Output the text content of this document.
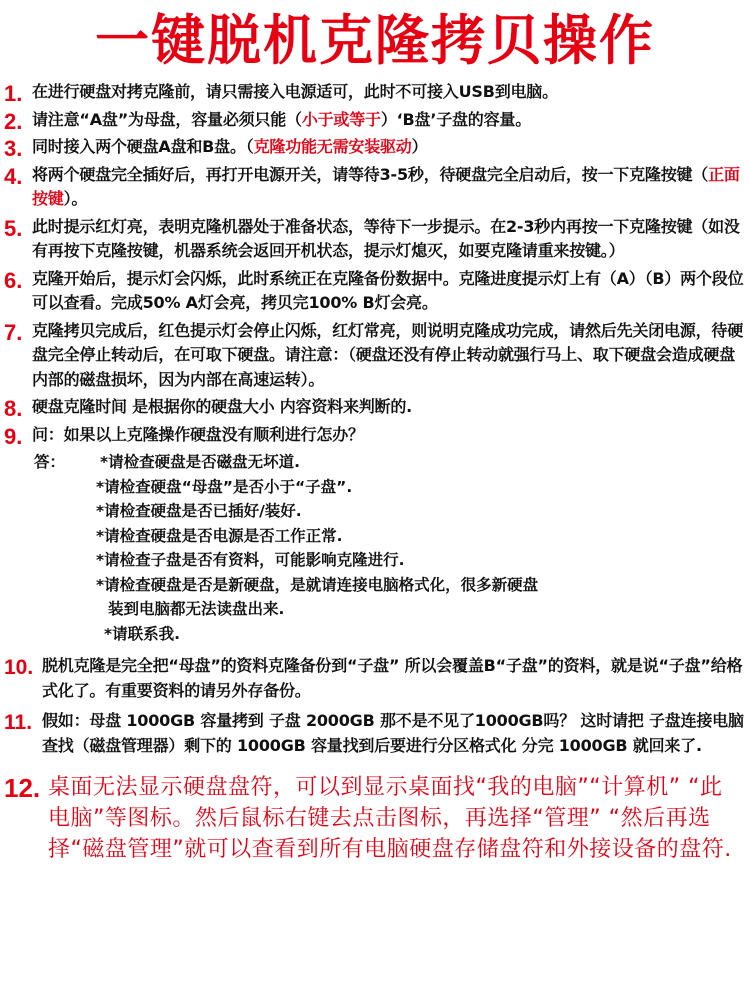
一键脱机克隆拷贝操作
1. 在进行硬盘对拷克隆前，请只需接入电源适可，此时不可接入USB到电脑。
2. 请注意“A盘”为母盘，容量必须只能（小于或等于）‘B盘’子盘的容量。
3. 同时接入两个硬盘A盘和B盘。（克隆功能无需安装驱动）
4. 将两个硬盘完全插好后，再打开电源开关，请等待3-5秒，待硬盘完全启动后，按一下克隆按键（正面按键）。
5. 此时提示红灯亮，表明克隆机器处于准备状态，等待下一步提示。在2-3秒内再按一下克隆按键（如没有再按下克隆按键，机器系统会返回开机状态，提示灯熄灭，如要克隆请重来按键。）
6. 克隆开始后，提示灯会闪烁，此时系统正在克隆备份数据中。克隆进度提示灯上有（A）（B）两个段位可以查看。完成50% A灯会亮，拷贝完100% B灯会亮。
7. 克隆拷贝完成后，红色提示灯会停止闪烁，红灯常亮，则说明克隆成功完成，请然后先关闭电源，待硬盘完全停止转动后，在可取下硬盘。请注意：（硬盘还没有停止转动就强行马上、取下硬盘会造成硬盘内部的磁盘损坏，因为内部在高速运转）。
8. 硬盘克隆时间 是根据你的硬盘大小 内容资料来判断的.
9. 问：如果以上克隆操作硬盘没有顺利进行怎办？
答：	*请检查硬盘是否磁盘无坏道.
*请检查硬盘“母盘”是否小于“子盘”.
*请检查硬盘是否已插好/装好.
*请检查硬盘是否电源是否工作正常.
*请检查子盘是否有资料，可能影响克隆进行.
*请检查硬盘是否是新硬盘，是就请连接电脑格式化，很多新硬盘
装到电脑都无法读盘出来.
*请联系我.
10. 脱机克隆是完全把“母盘”的资料克隆备份到“子盘” 所以会覆盖B“子盘”的资料，就是说“子盘”给格式化了。有重要资料的请另外存备份。
11. 假如：母盘 1000GB 容量拷到 子盘 2000GB 那不是不见了1000GB吗？ 这时请把 子盘连接电脑 查找（磁盘管理器）剩下的 1000GB 容量找到后要进行分区格式化 分完 1000GB 就回来了.
12. 桌面无法显示硬盘盘符，可以到显示桌面找“我的电脑”“计算机” “此电脑”等图标。然后鼠标右键去点击图标，再选择“管理” “然后再选择“磁盘管理”就可以查看到所有电脑硬盘存储盘符和外接设备的盘符.
